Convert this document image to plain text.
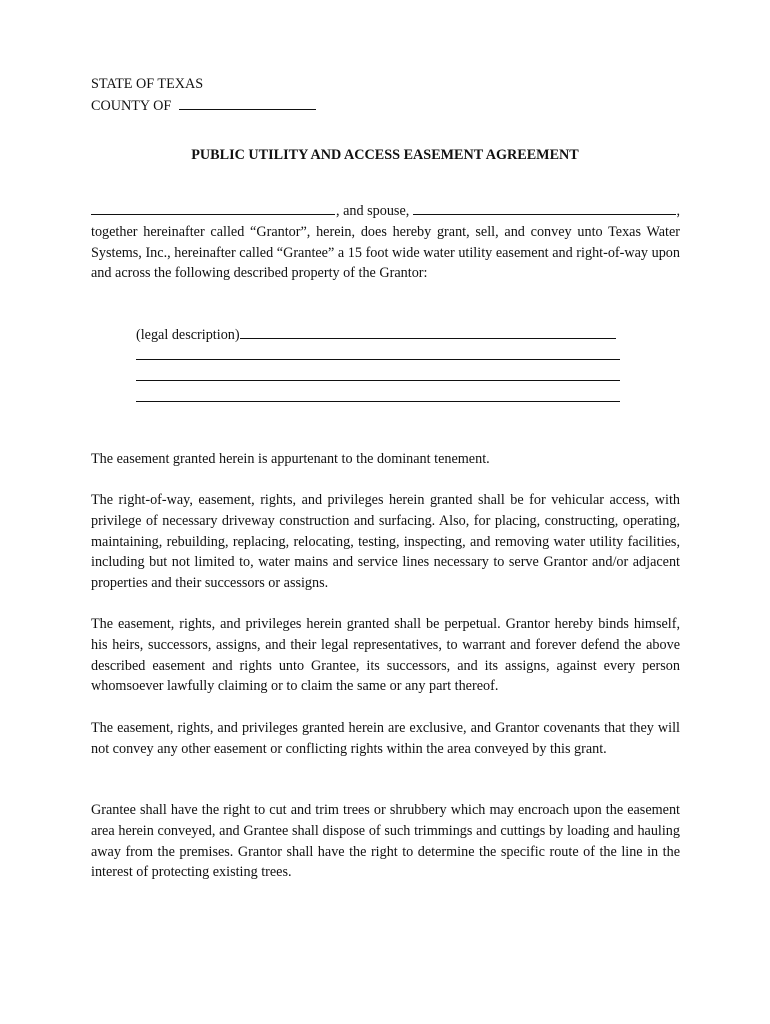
STATE OF TEXAS
COUNTY OF
PUBLIC UTILITY AND ACCESS EASEMENT AGREEMENT
, and spouse,	,

together hereinafter called “Grantor”, herein, does hereby grant, sell, and convey unto Texas Water Systems, Inc., hereinafter called “Grantee” a 15 foot wide water utility easement and right-of-way upon and across the following described property of the Grantor:

(legal description)

The easement granted herein is appurtenant to the dominant tenement.

The right-of-way, easement, rights, and privileges herein granted shall be for vehicular access, with privilege of necessary driveway construction and surfacing. Also, for placing, constructing, operating, maintaining, rebuilding, replacing, relocating, testing, inspecting, and removing water utility facilities, including but not limited to, water mains and service lines necessary to serve Grantor and/or adjacent properties and their successors or assigns.

The easement, rights, and privileges herein granted shall be perpetual. Grantor hereby binds himself, his heirs, successors, assigns, and their legal representatives, to warrant and forever defend the above described easement and rights unto Grantee, its successors, and its assigns, against every person whomsoever lawfully claiming or to claim the same or any part thereof.

The easement, rights, and privileges granted herein are exclusive, and Grantor covenants that they will not convey any other easement or conflicting rights within the area conveyed by this grant.

Grantee shall have the right to cut and trim trees or shrubbery which may encroach upon the easement area herein conveyed, and Grantee shall dispose of such trimmings and cuttings by loading and hauling away from the premises. Grantor shall have the right to determine the specific route of the line in the interest of protecting existing trees.
